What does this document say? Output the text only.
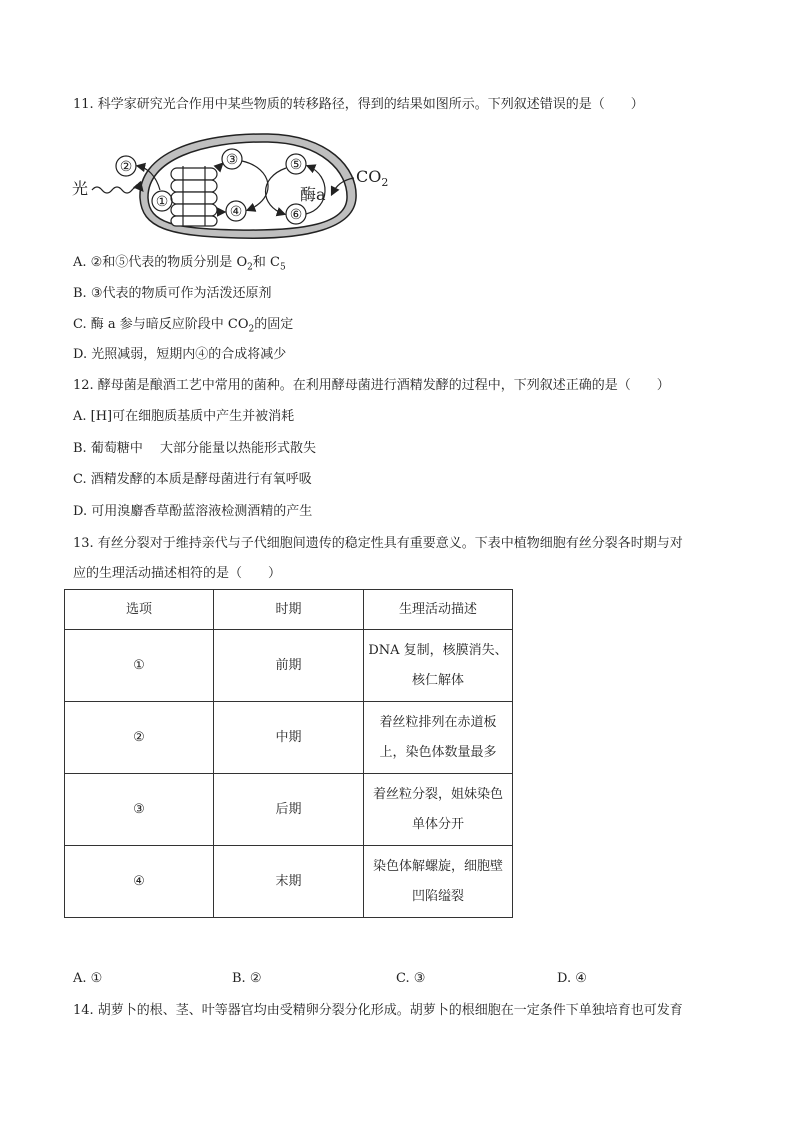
11. 科学家研究光合作用中某些物质的转移路径，得到的结果如图所示。下列叙述错误的是（　　）
光
①
②	③
④
⑤
⑥
$CO_2$
酶a
A. ②和⑤代表的物质分别是 $O_2$和 $C_5$
B. ③代表的物质可作为活泼还原剂
C. 酶 a 参与暗反应阶段中 $CO_2$的固定
D. 光照减弱，短期内④的合成将减少
12. 酵母菌是酿酒工艺中常用的菌种。在利用酵母菌进行酒精发酵的过程中，下列叙述正确的是（　　）
A. [H]可在细胞质基质中产生并被消耗
B. 葡萄糖中　 大部分能量以热能形式散失
C. 酒精发酵的本质是酵母菌进行有氧呼吸
D. 可用溴麝香草酚蓝溶液检测酒精的产生
13. 有丝分裂对于维持亲代与子代细胞间遗传的稳定性具有重要意义。下表中植物细胞有丝分裂各时期与对
应的生理活动描述相符的是（　　）
选项	时期	生理活动描述
①	前期	DNA 复制，核膜消失、
核仁解体
②	中期	着丝粒排列在赤道板
上，染色体数量最多
③	后期	着丝粒分裂，姐妹染色
单体分开
④	末期	染色体解螺旋，细胞壁
凹陷缢裂
A. ①	B. ②	C. ③	D. ④
14. 胡萝卜的根、茎、叶等器官均由受精卵分裂分化形成。胡萝卜的根细胞在一定条件下单独培育也可发育
